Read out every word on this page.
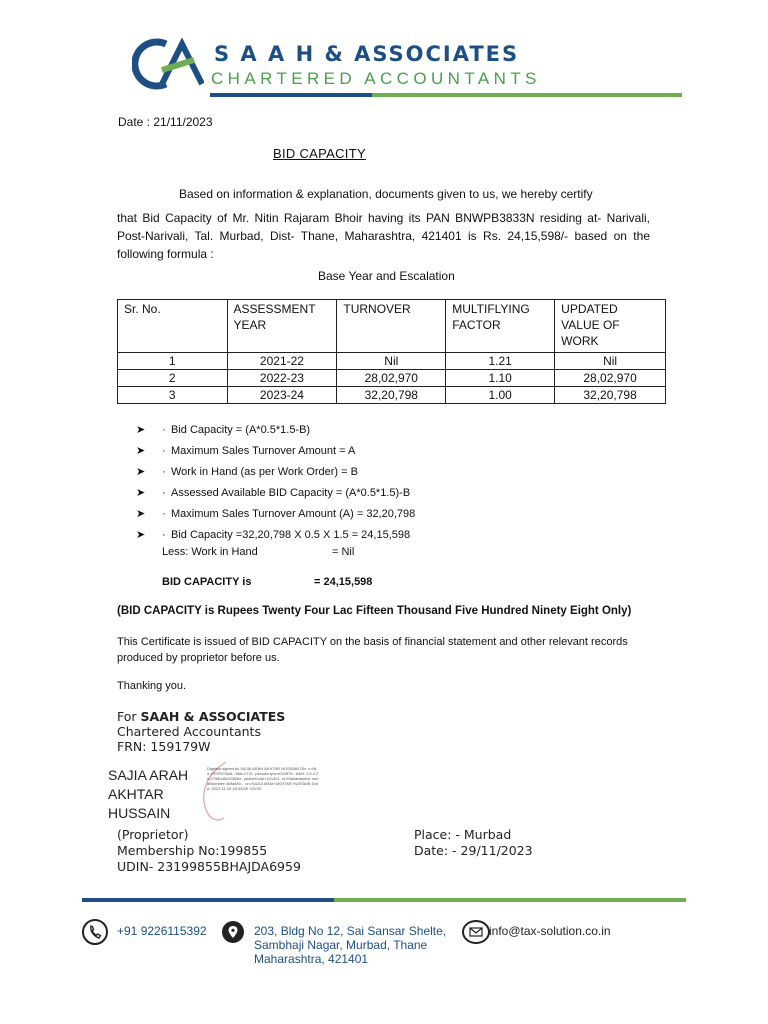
S A A H & ASSOCIATES
CHARTERED ACCOUNTANTS
Date : 21/11/2023
BID CAPACITY
Based on information & explanation, documents given to us, we hereby certify
that Bid Capacity of Mr. Nitin Rajaram Bhoir having its PAN BNWPB3833N residing at- Narivali, Post-Narivali, Tal. Murbad, Dist- Thane, Maharashtra, 421401 is Rs. 24,15,598/- based on the following formula :
Base Year and Escalation
Sr. No.	ASSESSMENT YEAR	TURNOVER	MULTIFLYING FACTOR	UPDATED VALUE OF WORK
1	2021-22	Nil	1.21	Nil
2	2022-23	28,02,970	1.10	28,02,970
3	2023-24	32,20,798	1.00	32,20,798
➤ · Bid Capacity = (A*0.5*1.5-B)
➤ · Maximum Sales Turnover Amount = A
➤ · Work in Hand (as per Work Order) = B
➤ · Assessed Available BID Capacity = (A*0.5*1.5)-B
➤ · Maximum Sales Turnover Amount (A) = 32,20,798
➤ · Bid Capacity =32,20,798 X 0.5 X 1.5 = 24,15,598
Less: Work in Hand	= Nil
BID CAPACITY is	= 24,15,598
(BID CAPACITY is Rupees Twenty Four Lac Fifteen Thousand Five Hundred Ninety Eight Only)
This Certificate is issued of BID CAPACITY on the basis of financial statement and other relevant records produced by proprietor before us.
Thanking you.
For SAAH & ASSOCIATES
Chartered Accountants
FRN: 159179W
SAJIA ARAH
AKHTAR
HUSSAIN
Digitally signed by SAJIA ARAH AKHTAR HUSSAIN DN: c=IN, o=PERSONAL, title=2741, pseudonym=e029f7b...b8ef, 2.5.4.20=f7580d5e3352be, postalCode=421401, st=Maharashtra, serialNumber=8cfa4e0... cn=SAJIA ARAH AKHTAR HUSSAIN Date: 2023.11.29 18:43:55 +05'30'
(Proprietor)
Membership No:199855
UDIN- 23199855BHAJDA6959
Place: - Murbad
Date: - 29/11/2023
+91 9226115392	203, Bldg No 12, Sai Sansar Shelte,
Sambhaji Nagar, Murbad, Thane
Maharashtra, 421401
info@tax-solution.co.in
